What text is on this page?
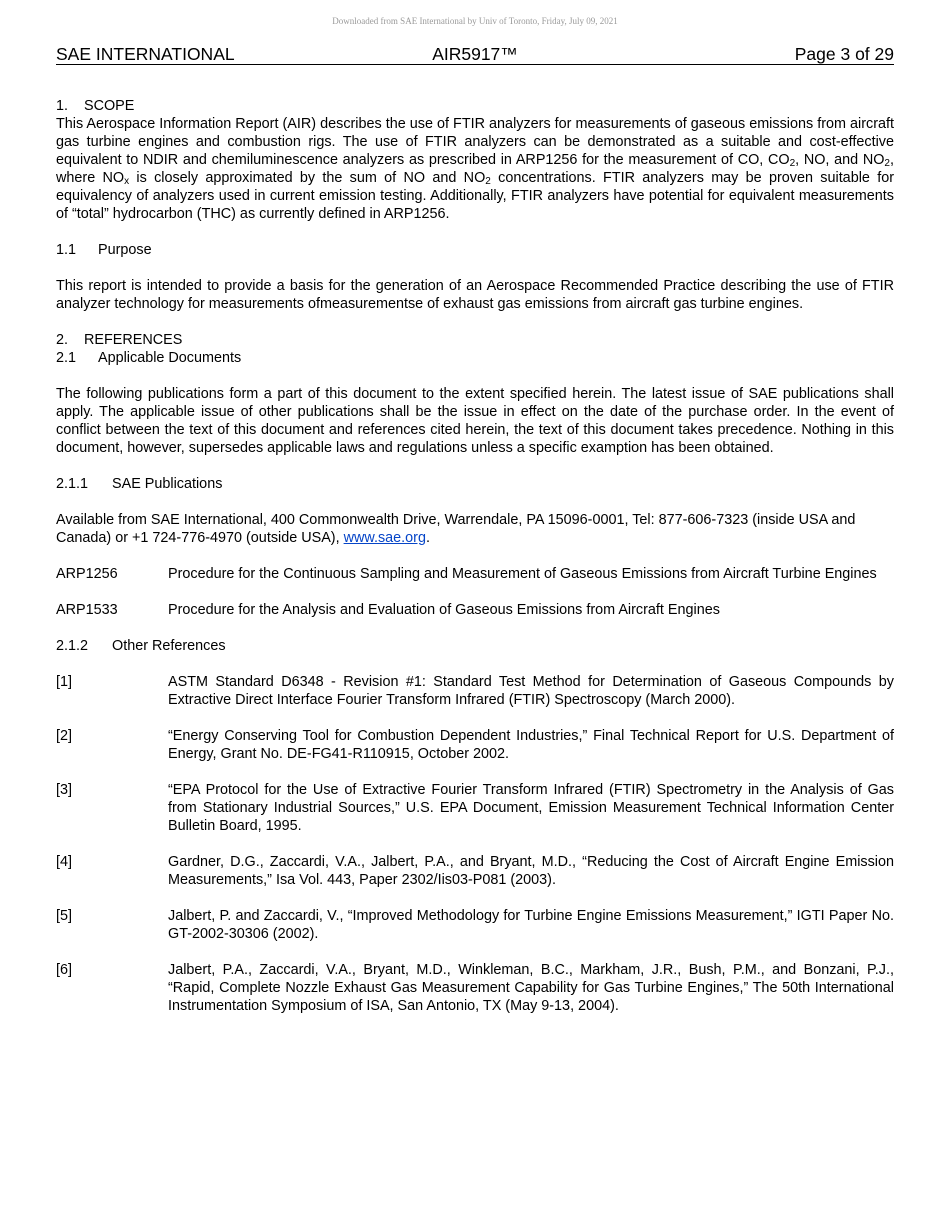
Downloaded from SAE International by Univ of Toronto, Friday, July 09, 2021
AIR5917™
SAE INTERNATIONAL	Page 3 of 29

1. SCOPE

This Aerospace Information Report (AIR) describes the use of FTIR analyzers for measurements of gaseous emissions from aircraft gas turbine engines and combustion rigs. The use of FTIR analyzers can be demonstrated as a suitable and cost-effective equivalent to NDIR and chemiluminescence analyzers as prescribed in ARP1256 for the measurement of CO, $CO_2$, NO, and $NO_2$, where $NO_x$ is closely approximated by the sum of NO and $NO_2$ concentrations. FTIR analyzers may be proven suitable for equivalency of analyzers used in current emission testing. Additionally, FTIR analyzers have potential for equivalent measurements of “total” hydrocarbon (THC) as currently defined in ARP1256.

1.1 Purpose

This report is intended to provide a basis for the generation of an Aerospace Recommended Practice describing the use of FTIR analyzer technology for measurements ofmeasurementse of exhaust gas emissions from aircraft gas turbine engines.

2. REFERENCES

2.1 Applicable Documents

The following publications form a part of this document to the extent specified herein. The latest issue of SAE publications shall apply. The applicable issue of other publications shall be the issue in effect on the date of the purchase order. In the event of conflict between the text of this document and references cited herein, the text of this document takes precedence. Nothing in this document, however, supersedes applicable laws and regulations unless a specific examption has been obtained.

2.1.1 SAE Publications

Available from SAE International, 400 Commonwealth Drive, Warrendale, PA 15096-0001, Tel: 877-606-7323 (inside USA and Canada) or +1 724-776-4970 (outside USA), www.sae.org.

ARP1256	Procedure for the Continuous Sampling and Measurement of Gaseous Emissions from Aircraft Turbine Engines
ARP1533	Procedure for the Analysis and Evaluation of Gaseous Emissions from Aircraft Engines

2.1.2 Other References

[1]	ASTM Standard D6348 - Revision #1: Standard Test Method for Determination of Gaseous Compounds by Extractive Direct Interface Fourier Transform Infrared (FTIR) Spectroscopy (March 2000).
[2]	“Energy Conserving Tool for Combustion Dependent Industries,” Final Technical Report for U.S. Department of Energy, Grant No. DE-FG41-R110915, October 2002.
[3]	“EPA Protocol for the Use of Extractive Fourier Transform Infrared (FTIR) Spectrometry in the Analysis of Gas from Stationary Industrial Sources,” U.S. EPA Document, Emission Measurement Technical Information Center Bulletin Board, 1995.
[4]	Gardner, D.G., Zaccardi, V.A., Jalbert, P.A., and Bryant, M.D., “Reducing the Cost of Aircraft Engine Emission Measurements,” Isa Vol. 443, Paper 2302/Iis03-P081 (2003).
[5]	Jalbert, P. and Zaccardi, V., “Improved Methodology for Turbine Engine Emissions Measurement,” IGTI Paper No. GT-2002-30306 (2002).
[6]	Jalbert, P.A., Zaccardi, V.A., Bryant, M.D., Winkleman, B.C., Markham, J.R., Bush, P.M., and Bonzani, P.J., “Rapid, Complete Nozzle Exhaust Gas Measurement Capability for Gas Turbine Engines,” The 50th International Instrumentation Symposium of ISA, San Antonio, TX (May 9-13, 2004).
